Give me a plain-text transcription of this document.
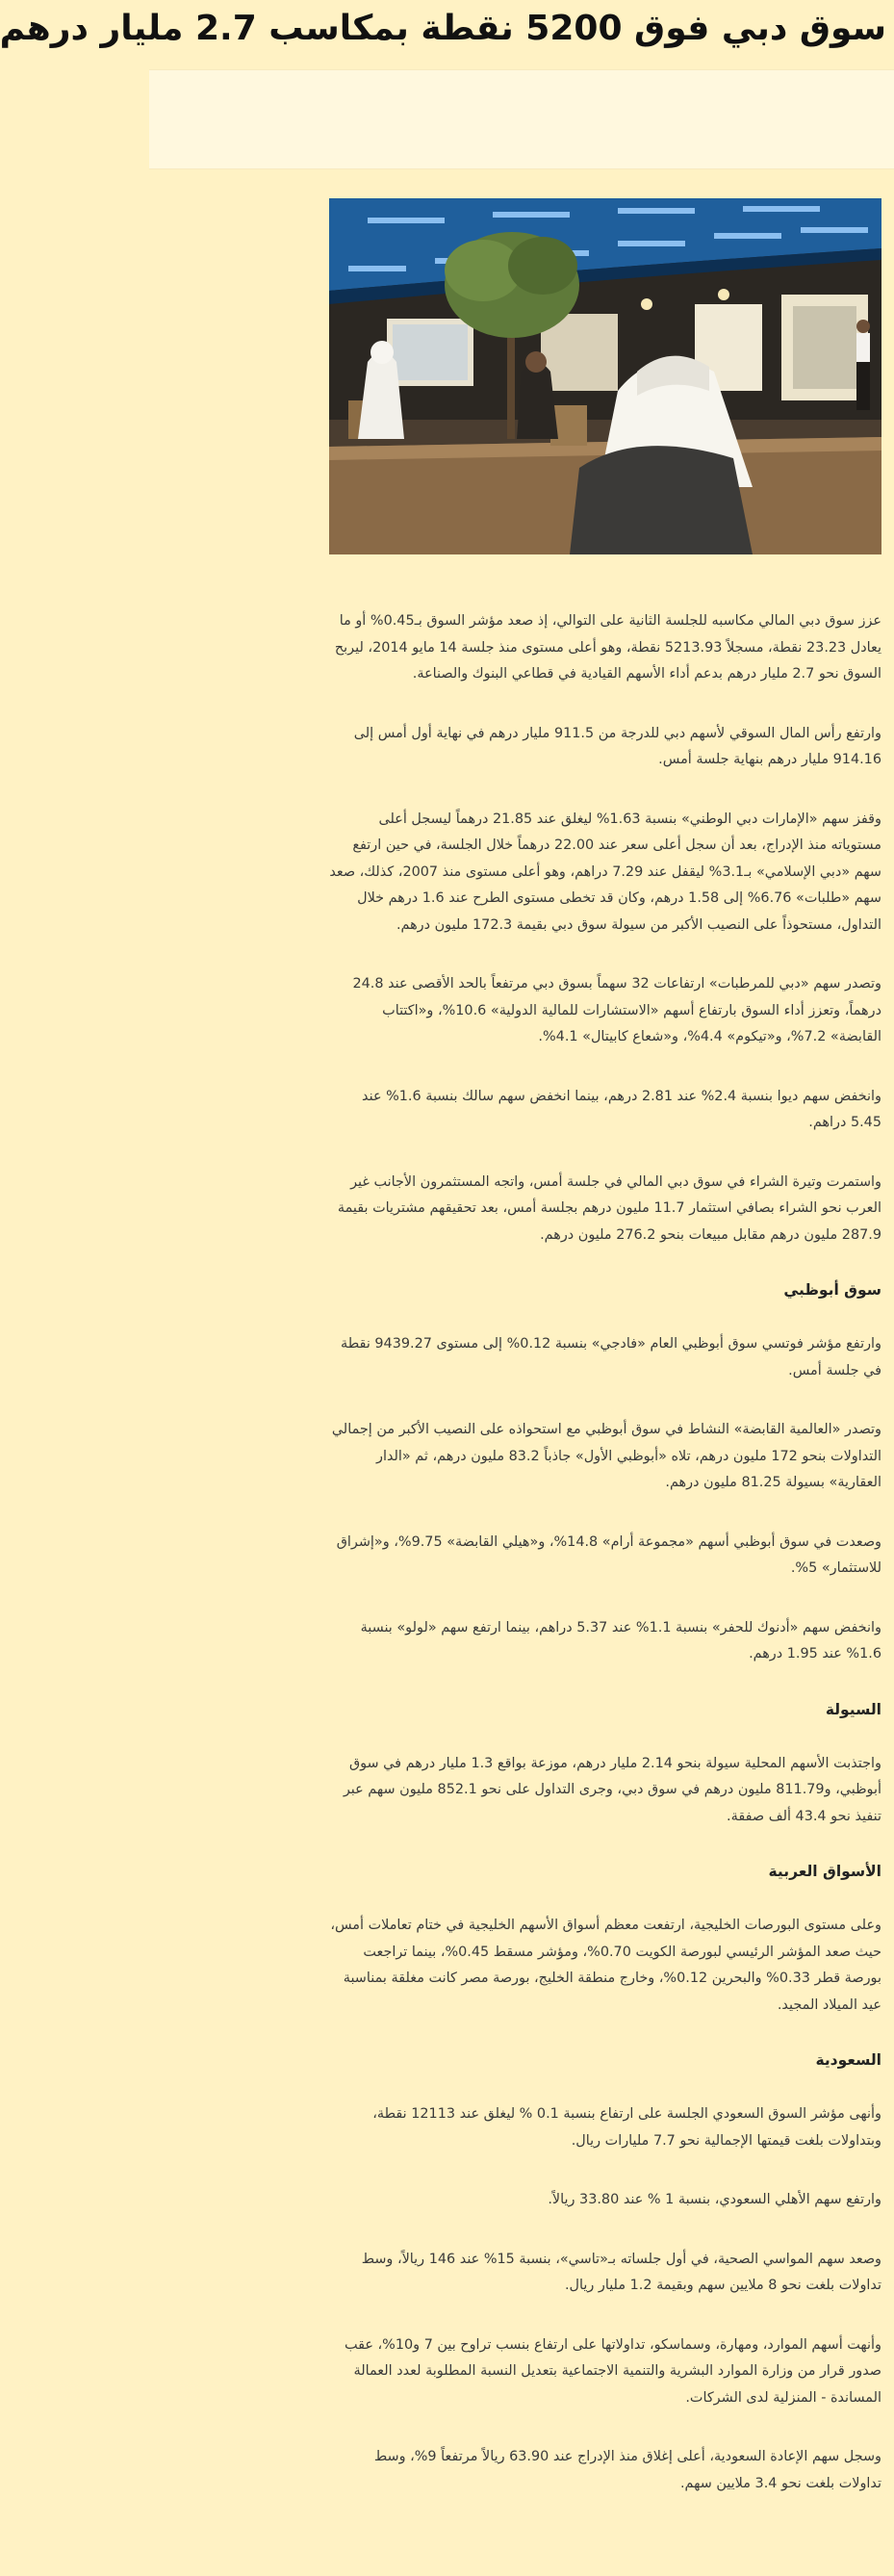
سوق دبي فوق 5200 نقطة بمكاسب 2.7 مليار درهم

عزز سوق دبي المالي مكاسبه للجلسة الثانية على التوالي، إذ صعد مؤشر السوق بـ0.45% أو ما يعادل 23.23 نقطة، مسجلاً 5213.93 نقطة، وهو أعلى مستوى منذ جلسة 14 مايو 2014، ليربح السوق نحو 2.7 مليار درهم بدعم أداء الأسهم القيادية في قطاعي البنوك والصناعة.

وارتفع رأس المال السوقي لأسهم دبي للدرجة من 911.5 مليار درهم في نهاية أول أمس إلى 914.16 مليار درهم بنهاية جلسة أمس.

وقفز سهم «الإمارات دبي الوطني» بنسبة 1.63% ليغلق عند 21.85 درهماً ليسجل أعلى مستوياته منذ الإدراج، بعد أن سجل أعلى سعر عند 22.00 درهماً خلال الجلسة، في حين ارتفع سهم «دبي الإسلامي» بـ3.1% ليقفل عند 7.29 دراهم، وهو أعلى مستوى منذ 2007، كذلك، صعد سهم «طلبات» 6.76% إلى 1.58 درهم، وكان قد تخطى مستوى الطرح عند 1.6 درهم خلال التداول، مستحوذاً على النصيب الأكبر من سيولة سوق دبي بقيمة 172.3 مليون درهم.

وتصدر سهم «دبي للمرطبات» ارتفاعات 32 سهماً بسوق دبي مرتفعاً بالحد الأقصى عند 24.8 درهماً، وتعزز أداء السوق بارتفاع أسهم «الاستشارات للمالية الدولية» 10.6%، و«اكتتاب القابضة» 7.2%، و«تيكوم» 4.4%، و«شعاع كابيتال» 4.1%.

وانخفض سهم ديوا بنسبة 2.4% عند 2.81 درهم، بينما انخفض سهم سالك بنسبة 1.6% عند 5.45 دراهم.

واستمرت وتيرة الشراء في سوق دبي المالي في جلسة أمس، واتجه المستثمرون الأجانب غير العرب نحو الشراء بصافي استثمار 11.7 مليون درهم بجلسة أمس، بعد تحقيقهم مشتريات بقيمة 287.9 مليون درهم مقابل مبيعات بنحو 276.2 مليون درهم.

سوق أبوظبي

وارتفع مؤشر فوتسي سوق أبوظبي العام «فادجي» بنسبة 0.12% إلى مستوى 9439.27 نقطة في جلسة أمس.

وتصدر «العالمية القابضة» النشاط في سوق أبوظبي مع استحواذه على النصيب الأكبر من إجمالي التداولات بنحو 172 مليون درهم، تلاه «أبوظبي الأول» جاذباً 83.2 مليون درهم، ثم «الدار العقارية» بسيولة 81.25 مليون درهم.

وصعدت في سوق أبوظبي أسهم «مجموعة أرام» 14.8%، و«هيلي القابضة» 9.75%، و«إشراق للاستثمار» 5%.

وانخفض سهم «أدنوك للحفر» بنسبة 1.1% عند 5.37 دراهم، بينما ارتفع سهم «لولو» بنسبة 1.6% عند 1.95 درهم.

السيولة

واجتذبت الأسهم المحلية سيولة بنحو 2.14 مليار درهم، موزعة بواقع 1.3 مليار درهم في سوق أبوظبي، و811.79 مليون درهم في سوق دبي، وجرى التداول على نحو 852.1 مليون سهم عبر تنفيذ نحو 43.4 ألف صفقة.

الأسواق العربية

وعلى مستوى البورصات الخليجية، ارتفعت معظم أسواق الأسهم الخليجية في ختام تعاملات أمس، حيث صعد المؤشر الرئيسي لبورصة الكويت 0.70%، ومؤشر مسقط 0.45%، بينما تراجعت بورصة قطر 0.33% والبحرين 0.12%، وخارج منطقة الخليج، بورصة مصر كانت مغلقة بمناسبة عيد الميلاد المجيد.

السعودية

وأنهى مؤشر السوق السعودي الجلسة على ارتفاع بنسبة 0.1 % ليغلق عند 12113 نقطة، وبتداولات بلغت قيمتها الإجمالية نحو 7.7 مليارات ريال.

وارتفع سهم الأهلي السعودي، بنسبة 1 % عند 33.80 ريالاً.

وصعد سهم المواسي الصحية، في أول جلساته بـ«تاسي»، بنسبة 15% عند 146 ريالاً، وسط تداولات بلغت نحو 8 ملايين سهم وبقيمة 1.2 مليار ريال.

وأنهت أسهم الموارد، ومهارة، وسماسكو، تداولاتها على ارتفاع بنسب تراوح بين 7 و10%، عقب صدور قرار من وزارة الموارد البشرية والتنمية الاجتماعية بتعديل النسبة المطلوبة لعدد العمالة المساندة - المنزلية لدى الشركات.

وسجل سهم الإعادة السعودية، أعلى إغلاق منذ الإدراج عند 63.90 ريالاً مرتفعاً 9%، وسط تداولات بلغت نحو 3.4 ملايين سهم.
